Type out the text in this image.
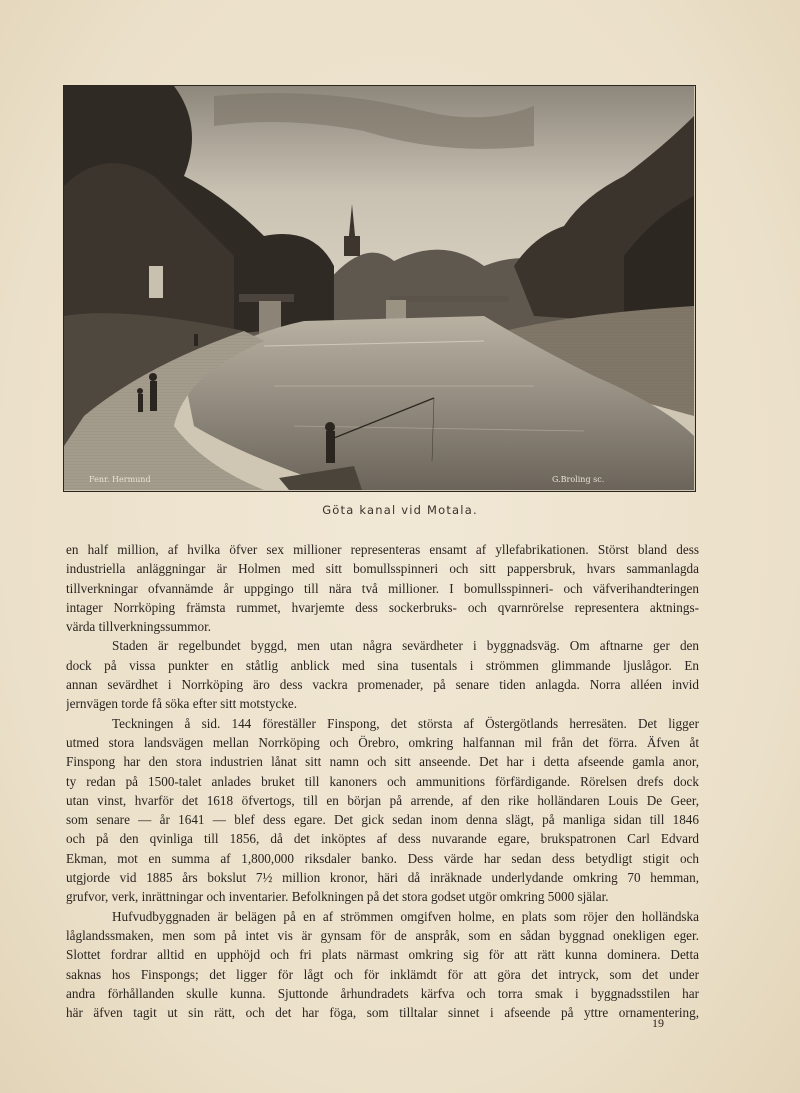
Fenr. Hermund	G.Broling sc.
Göta kanal vid Motala.
en half million, af hvilka öfver sex millioner representeras ensamt af yllefabrikationen. Störst bland dess
industriella anläggningar är Holmen med sitt bomullsspinneri och sitt pappersbruk, hvars sammanlagda
tillverkningar ofvannämde år uppgingo till nära två millioner. I bomullsspinneri- och väfverihandteringen
intager Norrköping främsta rummet, hvarjemte dess sockerbruks- och qvarnrörelse representera aktnings-
värda tillverkningssummor.
Staden är regelbundet byggd, men utan några sevärdheter i byggnadsväg. Om aftnarne ger den
dock på vissa punkter en ståtlig anblick med sina tusentals i strömmen glimmande ljuslågor. En
annan sevärdhet i Norrköping äro dess vackra promenader, på senare tiden anlagda. Norra alléen invid
jernvägen torde få söka efter sitt motstycke.
Teckningen å sid. 144 föreställer Finspong, det största af Östergötlands herresäten. Det ligger
utmed stora landsvägen mellan Norrköping och Örebro, omkring halfannan mil från det förra. Äfven åt
Finspong har den stora industrien lånat sitt namn och sitt anseende. Det har i detta afseende gamla anor,
ty redan på 1500-talet anlades bruket till kanoners och ammunitions förfärdigande. Rörelsen drefs dock
utan vinst, hvarför det 1618 öfvertogs, till en början på arrende, af den rike holländaren Louis De Geer,
som senare — år 1641 — blef dess egare. Det gick sedan inom denna slägt, på manliga sidan till 1846
och på den qvinliga till 1856, då det inköptes af dess nuvarande egare, brukspatronen Carl Edvard
Ekman, mot en summa af 1,800,000 riksdaler banko. Dess värde har sedan dess betydligt stigit och
utgjorde vid 1885 års bokslut 7½ million kronor, häri då inräknade underlydande omkring 70 hemman,
grufvor, verk, inrättningar och inventarier. Befolkningen på det stora godset utgör omkring 5000 själar.
Hufvudbyggnaden är belägen på en af strömmen omgifven holme, en plats som röjer den holländska
låglandssmaken, men som på intet vis är gynsam för de anspråk, som en sådan byggnad onekligen eger.
Slottet fordrar alltid en upphöjd och fri plats närmast omkring sig för att rätt kunna dominera. Detta
saknas hos Finspongs; det ligger för lågt och för inklämdt för att göra det intryck, som det under
andra förhållanden skulle kunna. Sjuttonde århundradets kärfva och torra smak i byggnadsstilen har
här äfven tagit ut sin rätt, och det har föga, som tilltalar sinnet i afseende på yttre ornamentering,
19
